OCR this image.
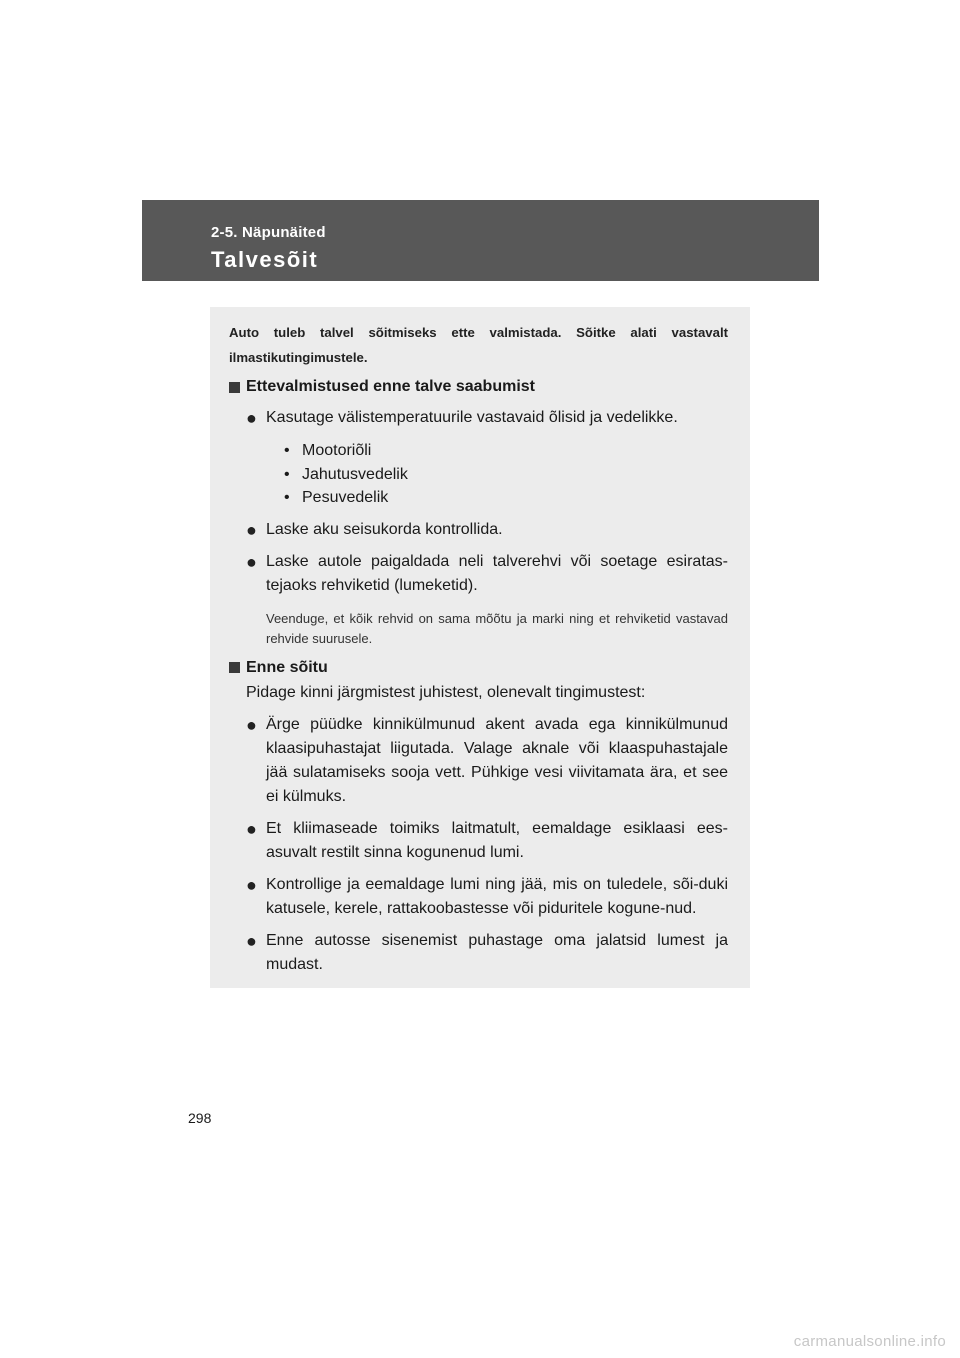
2-5. Näpunäited
Talvesõit

Auto tuleb talvel sõitmiseks ette valmistada. Sõitke alati vastavalt ilmastikutingimustele.

Ettevalmistused enne talve saabumist
● Kasutage välistemperatuurile vastavaid õlisid ja vedelikke.
• Mootoriõli
• Jahutusvedelik
• Pesuvedelik
● Laske aku seisukorda kontrollida.
● Laske autole paigaldada neli talverehvi või soetage esiratas-tejaoks rehviketid (lumeketid).

Veenduge, et kõik rehvid on sama mõõtu ja marki ning et rehviketid vastavad rehvide suurusele.

Enne sõitu

Pidage kinni järgmistest juhistest, olenevalt tingimustest:

● Ärge püüdke kinnikülmunud akent avada ega kinnikülmunud klaasipuhastajat liigutada. Valage aknale või klaaspuhastajale jää sulatamiseks sooja vett. Pühkige vesi viivitamata ära, et see ei külmuks.
● Et kliimaseade toimiks laitmatult, eemaldage esiklaasi ees-asuvalt restilt sinna kogunenud lumi.
● Kontrollige ja eemaldage lumi ning jää, mis on tuledele, sõi-duki katusele, kerele, rattakoobastesse või piduritele kogune-nud.
● Enne autosse sisenemist puhastage oma jalatsid lumest ja mudast.
298
carmanualsonline.info
